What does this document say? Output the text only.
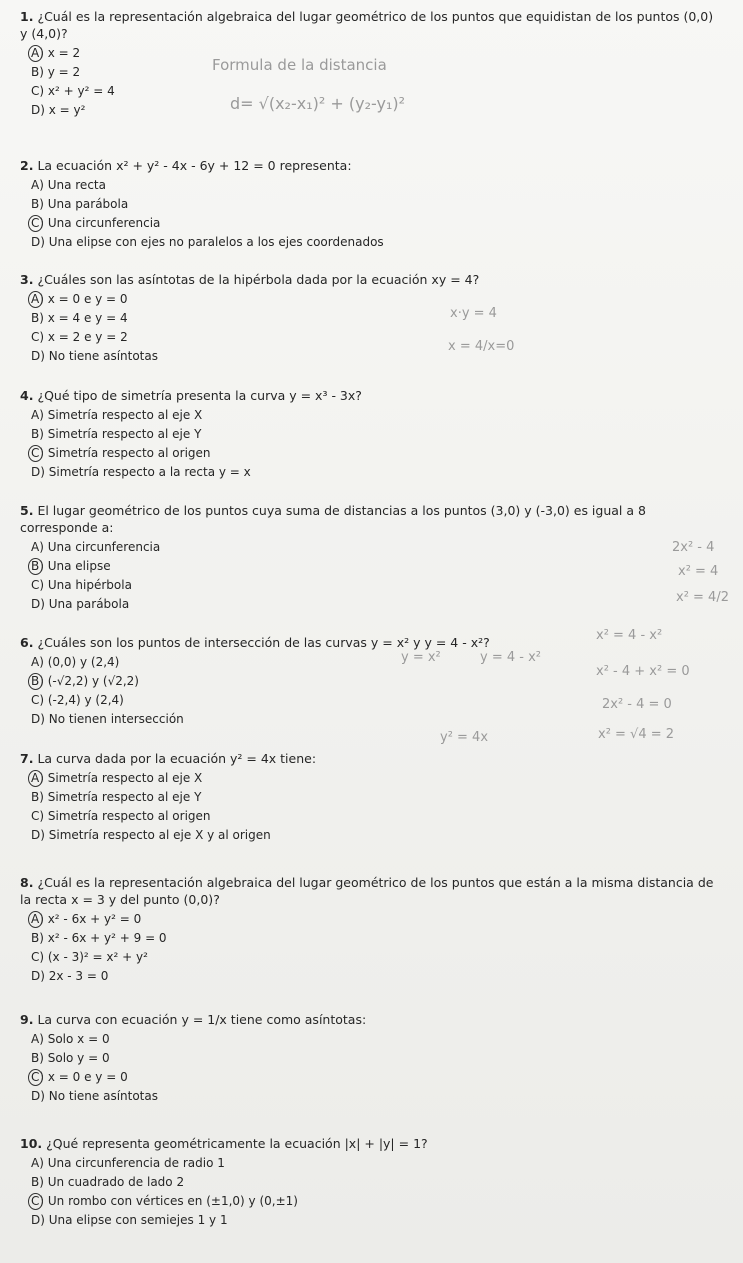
1. ¿Cuál es la representación algebraica del lugar geométrico de los puntos que equidistan de los puntos (0,0) y (4,0)?
A) x = 2
B) y = 2
C) x² + y² = 4
D) x = y²
2. La ecuación x² + y² - 4x - 6y + 12 = 0 representa:
A) Una recta
B) Una parábola
C) Una circunferencia
D) Una elipse con ejes no paralelos a los ejes coordenados
3. ¿Cuáles son las asíntotas de la hipérbola dada por la ecuación xy = 4?
A) x = 0 e y = 0
B) x = 4 e y = 4
C) x = 2 e y = 2
D) No tiene asíntotas
4. ¿Qué tipo de simetría presenta la curva y = x³ - 3x?
A) Simetría respecto al eje X
B) Simetría respecto al eje Y
C) Simetría respecto al origen
D) Simetría respecto a la recta y = x
5. El lugar geométrico de los puntos cuya suma de distancias a los puntos (3,0) y (-3,0) es igual a 8 corresponde a:
A) Una circunferencia
B) Una elipse
C) Una hipérbola
D) Una parábola
6. ¿Cuáles son los puntos de intersección de las curvas y = x² y y = 4 - x²?
A) (0,0) y (2,4)
B) (-√2,2) y (√2,2)
C) (-2,4) y (2,4)
D) No tienen intersección
7. La curva dada por la ecuación y² = 4x tiene:
A) Simetría respecto al eje X
B) Simetría respecto al eje Y
C) Simetría respecto al origen
D) Simetría respecto al eje X y al origen
8. ¿Cuál es la representación algebraica del lugar geométrico de los puntos que están a la misma distancia de la recta x = 3 y del punto (0,0)?
A) x² - 6x + y² = 0
B) x² - 6x + y² + 9 = 0
C) (x - 3)² = x² + y²
D) 2x - 3 = 0
9. La curva con ecuación y = 1/x tiene como asíntotas:
A) Solo x = 0
B) Solo y = 0
C) x = 0 e y = 0
D) No tiene asíntotas
10. ¿Qué representa geométricamente la ecuación |x| + |y| = 1?
A) Una circunferencia de radio 1
B) Un cuadrado de lado 2
C) Un rombo con vértices en (±1,0) y (0,±1)
D) Una elipse con semiejes 1 y 1
Formula de la distancia
d= √(x₂-x₁)² + (y₂-y₁)²
x·y = 4
x = 4/x=0
2x² - 4
x² = 4
x² = 4/2
x² = 4 - x²
y = x²	y = 4 - x²
x² - 4 + x² = 0
2x² - 4 = 0
x² = √4 = 2
y² = 4x
